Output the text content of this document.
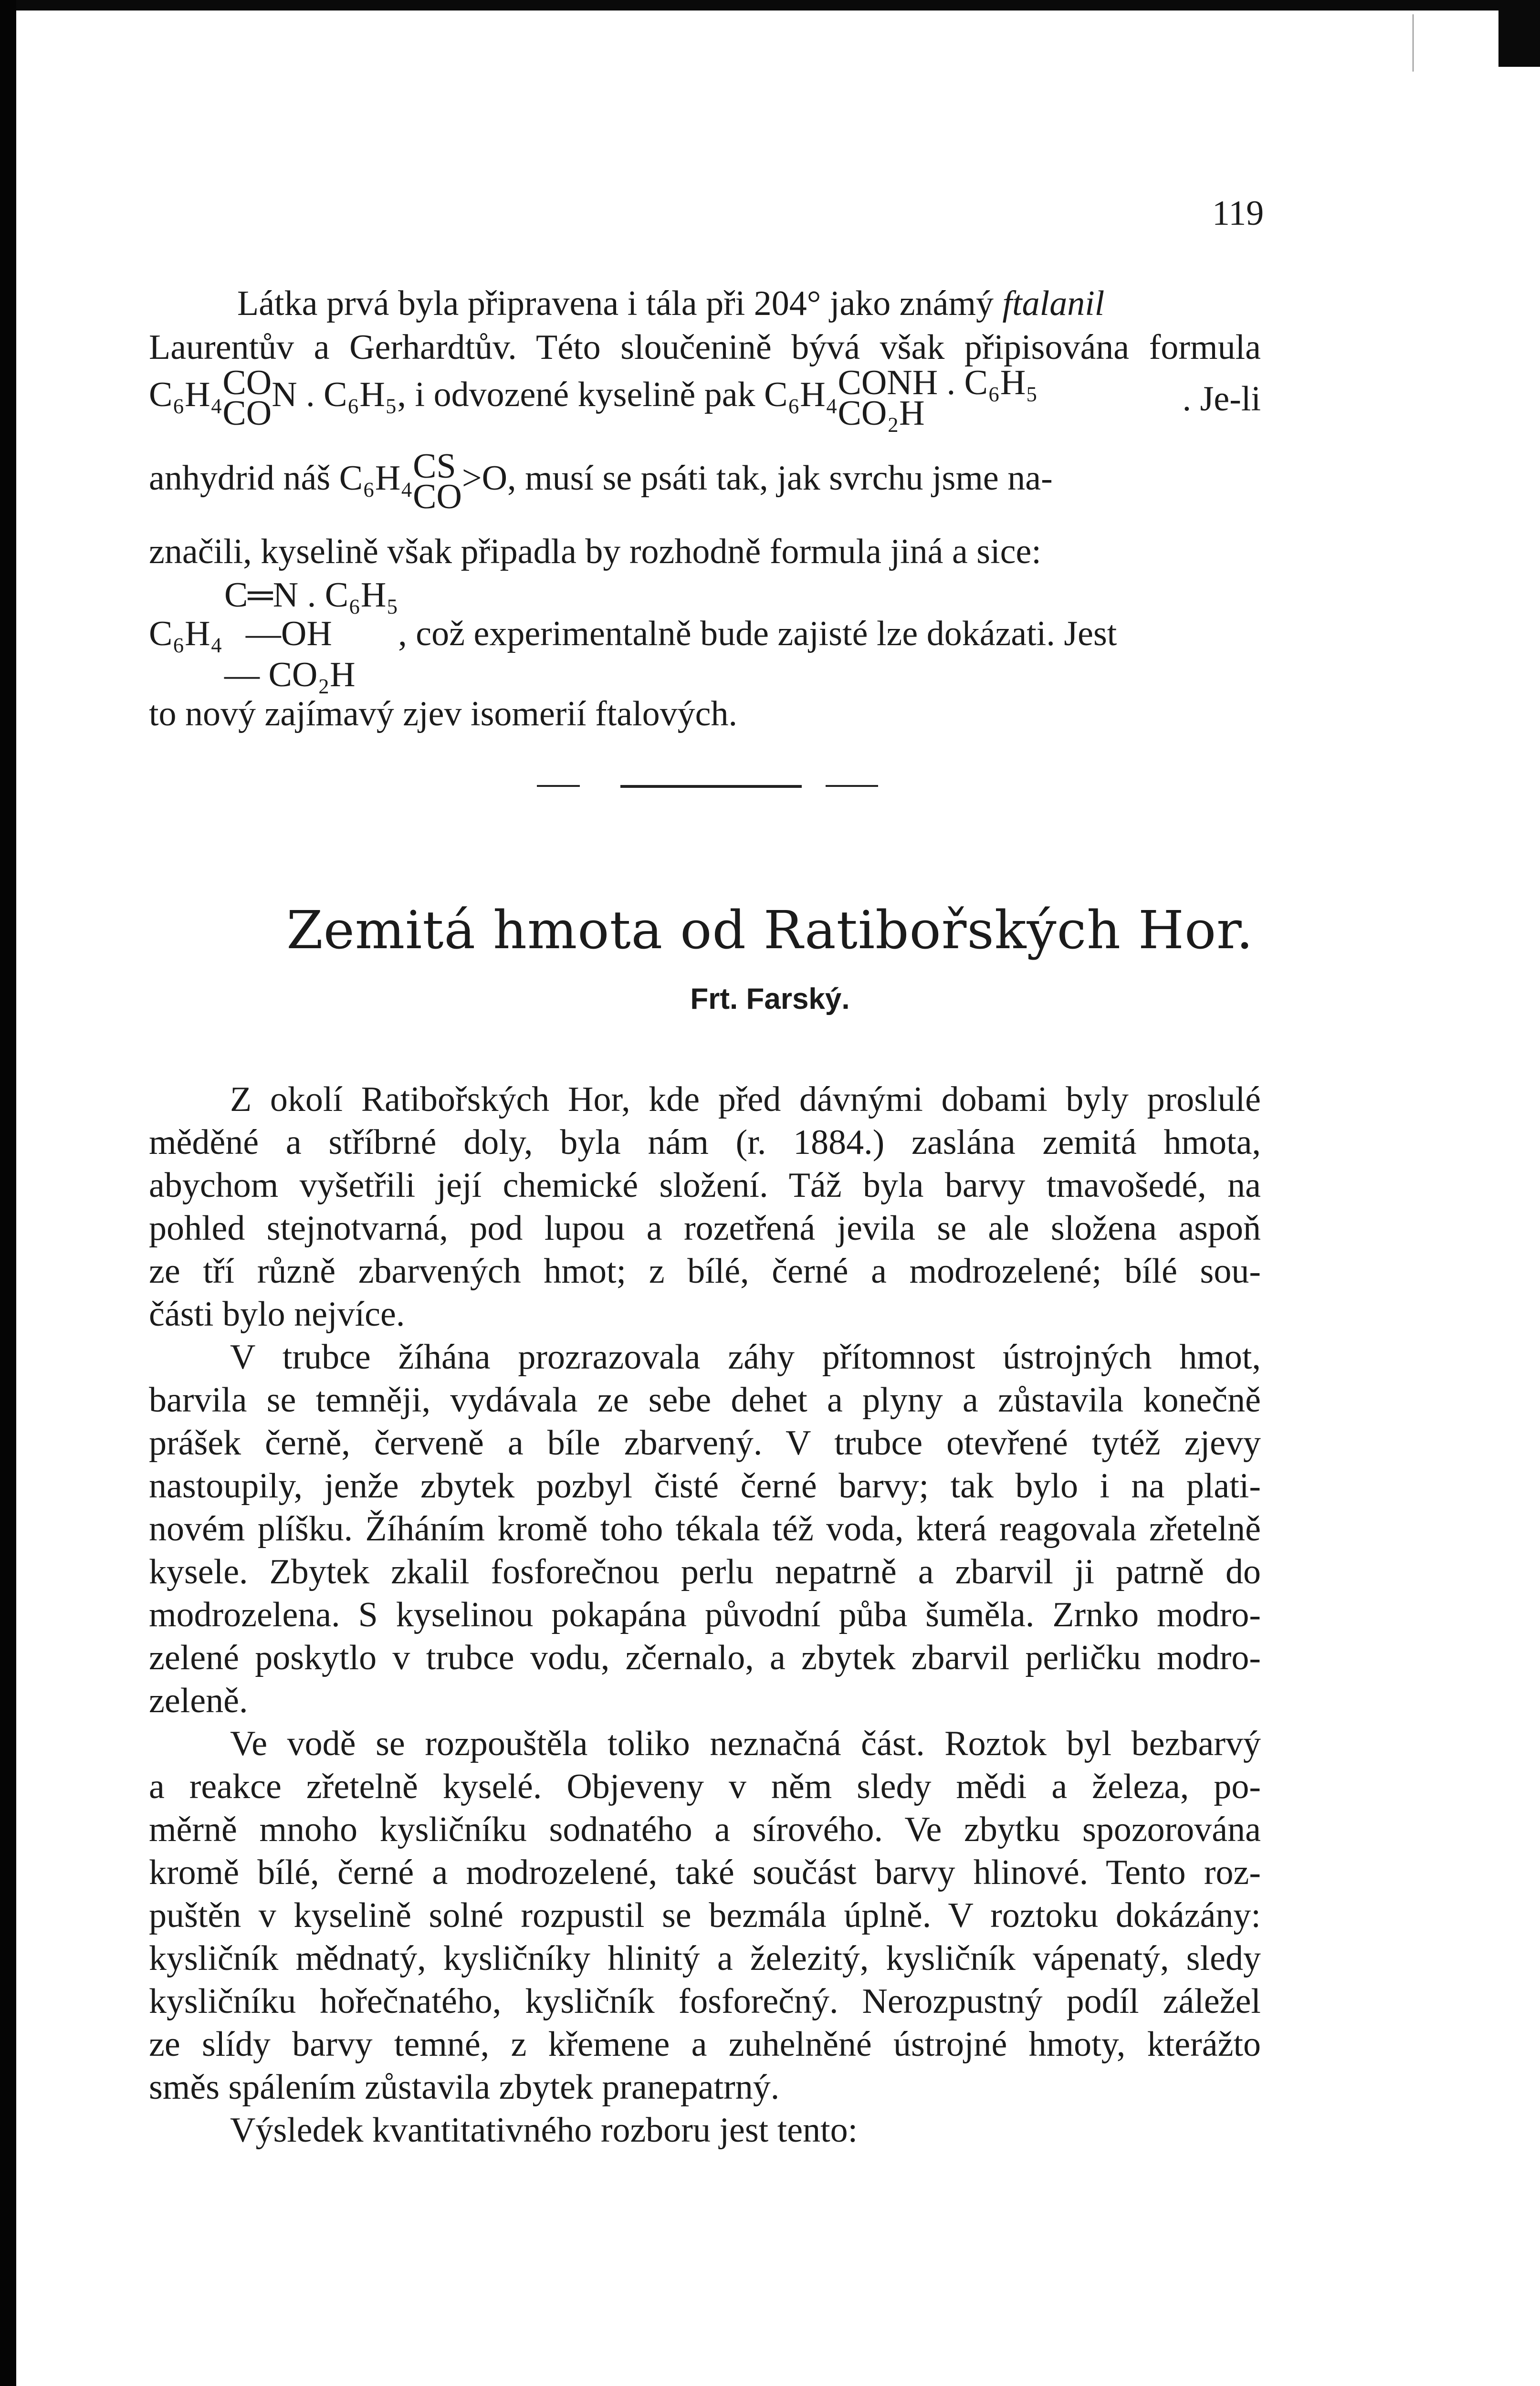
119
Látka prvá byla připravena i tála při 204° jako známý ftalanil
Laurentův a Gerhardtův. Této sloučenině bývá však připisována formula
C₆H₄ CO
CO N . C₆H₅, i odvozené kyselině pak C₆H₄ CONH . C₆H₅
CO₂H	. Je-li
anhydrid náš C₆H₄ CS
CO >O, musí se psáti tak, jak svrchu jsme na-
značili, kyselině však připadla by rozhodně formula jiná a sice:
C═N . C₆H₅
C₆H₄ —OH , což experimentalně bude zajisté lze dokázati. Jest
— CO₂H
to nový zajímavý zjev isomerií ftalových.
Zemitá hmota od Ratibořských Hor.
Frt. Farský.
Z okolí Ratibořských Hor, kde před dávnými dobami byly proslulé
měděné a stříbrné doly, byla nám (r. 1884.) zaslána zemitá hmota,
abychom vyšetřili její chemické složení. Táž byla barvy tmavošedé, na
pohled stejnotvarná, pod lupou a rozetřená jevila se ale složena aspoň
ze tří různě zbarvených hmot; z bílé, černé a modrozelené; bílé sou-
části bylo nejvíce.
V trubce žíhána prozrazovala záhy přítomnost ústrojných hmot,
barvila se temněji, vydávala ze sebe dehet a plyny a zůstavila konečně
prášek černě, červeně a bíle zbarvený. V trubce otevřené tytéž zjevy
nastoupily, jenže zbytek pozbyl čisté černé barvy; tak bylo i na plati-
novém plíšku. Žíháním kromě toho tékala též voda, která reagovala zřetelně
kysele. Zbytek zkalil fosforečnou perlu nepatrně a zbarvil ji patrně do
modrozelena. S kyselinou pokapána původní půba šuměla. Zrnko modro-
zelené poskytlo v trubce vodu, zčernalo, a zbytek zbarvil perličku modro-
zeleně.
Ve vodě se rozpouštěla toliko neznačná část. Roztok byl bezbarvý
a reakce zřetelně kyselé. Objeveny v něm sledy mědi a železa, po-
měrně mnoho kysličníku sodnatého a sírového. Ve zbytku spozorována
kromě bílé, černé a modrozelené, také součást barvy hlinové. Tento roz-
puštěn v kyselině solné rozpustil se bezmála úplně. V roztoku dokázány:
kysličník mědnatý, kysličníky hlinitý a železitý, kysličník vápenatý, sledy
kysličníku hořečnatého, kysličník fosforečný. Nerozpustný podíl záležel
ze slídy barvy temné, z křemene a zuhelněné ústrojné hmoty, kterážto
směs spálením zůstavila zbytek pranepatrný.
Výsledek kvantitativného rozboru jest tento:
